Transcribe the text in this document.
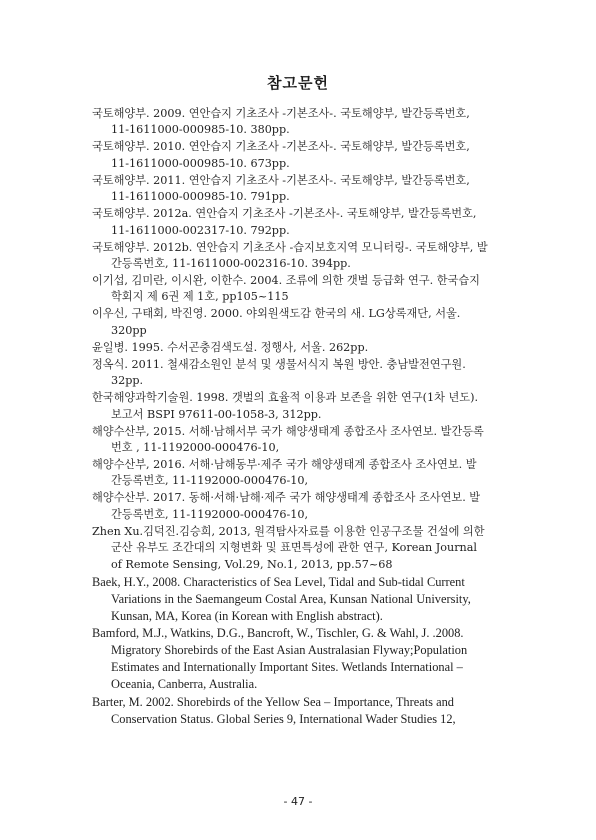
참고문헌
국토해양부. 2009. 연안습지 기초조사 -기본조사-. 국토해양부, 발간등록번호,
11-1611000-000985-10. 380pp.
국토해양부. 2010. 연안습지 기초조사 -기본조사-. 국토해양부, 발간등록번호,
11-1611000-000985-10. 673pp.
국토해양부. 2011. 연안습지 기초조사 -기본조사-. 국토해양부, 발간등록번호,
11-1611000-000985-10. 791pp.
국토해양부. 2012a. 연안습지 기초조사 -기본조사-. 국토해양부, 발간등록번호,
11-1611000-002317-10. 792pp.
국토해양부. 2012b. 연안습지 기초조사 -습지보호지역 모니터링-. 국토해양부, 발
간등록번호, 11-1611000-002316-10. 394pp.
이기섭, 김미란, 이시완, 이한수. 2004. 조류에 의한 갯벌 등급화 연구. 한국습지
학회지 제 6권 제 1호, pp105~115
이우신, 구태회, 박진영. 2000. 야외원색도감 한국의 새. LG상록재단, 서울.
320pp
윤일병. 1995. 수서곤충검색도설. 정행사, 서울. 262pp.
정옥식. 2011. 철새감소원인 분석 및 생물서식지 복원 방안. 충남발전연구원.
32pp.
한국해양과학기술원. 1998. 갯벌의 효율적 이용과 보존을 위한 연구(1차 년도).
보고서 BSPI 97611-00-1058-3, 312pp.
해양수산부, 2015. 서해·남해서부 국가 해양생태계 종합조사 조사연보. 발간등록
번호 , 11-1192000-000476-10,
해양수산부, 2016. 서해·남해동부·제주 국가 해양생태계 종합조사 조사연보. 발
간등록번호, 11-1192000-000476-10,
해양수산부. 2017. 동해·서해·남해·제주 국가 해양생태계 종합조사 조사연보. 발
간등록번호, 11-1192000-000476-10,
Zhen Xu.김덕진.김승희, 2013, 원격탐사자료를 이용한 인공구조물 건설에 의한
군산 유부도 조간대의 지형변화 및 표면특성에 관한 연구, Korean Journal
of Remote Sensing, Vol.29, No.1, 2013, pp.57~68
Baek, H.Y., 2008. Characteristics of Sea Level, Tidal and Sub-tidal Current
Variations in the Saemangeum Costal Area, Kunsan National University,
Kunsan, MA, Korea (in Korean with English abstract).
Bamford, M.J., Watkins, D.G., Bancroft, W., Tischler, G. & Wahl, J. .2008.
Migratory Shorebirds of the East Asian Australasian Flyway;Population
Estimates and Internationally Important Sites. Wetlands International –
Oceania, Canberra, Australia.
Barter, M. 2002. Shorebirds of the Yellow Sea – Importance, Threats and
Conservation Status. Global Series 9, International Wader Studies 12,
- 47 -
